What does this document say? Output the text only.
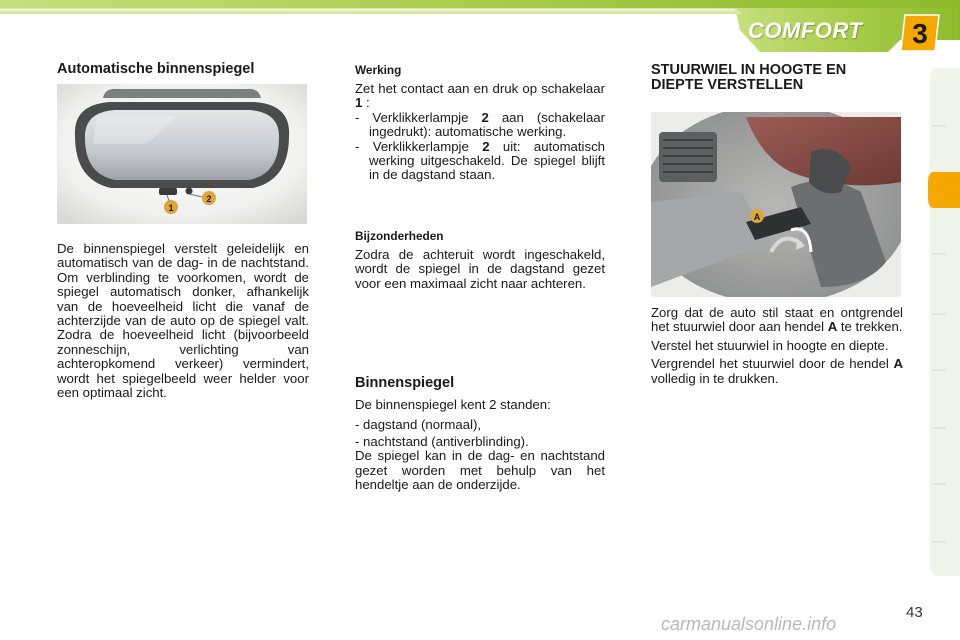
COMFORT	3
Automatische binnenspiegel
1
2
De binnenspiegel verstelt geleidelijk en automatisch van de dag- in de nachtstand. Om verblinding te voorkomen, wordt de spiegel automatisch donker, afhankelijk van de hoeveelheid licht die vanaf de achterzijde van de auto op de spiegel valt. Zodra de hoeveelheid licht (bijvoorbeeld zonneschijn, verlichting van achteropkomend verkeer) vermindert, wordt het spiegelbeeld weer helder voor een optimaal zicht.
Werking

Zet het contact aan en druk op schakelaar 1 :

- Verklikkerlampje 2 aan (schakelaar ingedrukt): automatische werking.
- Verklikkerlampje 2 uit: automatisch werking uitgeschakeld. De spiegel blijft in de dagstand staan.
Bijzonderheden
Zodra de achteruit wordt ingeschakeld, wordt de spiegel in de dagstand gezet voor een maximaal zicht naar achteren.
Binnenspiegel

De binnenspiegel kent 2 standen:

- dagstand (normaal),
- nachtstand (antiverblinding).

De spiegel kan in de dag- en nachtstand gezet worden met behulp van het hendeltje aan de onderzijde.

STUURWIEL IN HOOGTE EN
DIEPTE VERSTELLEN
A

Zorg dat de auto stil staat en ontgrendel het stuurwiel door aan hendel A te trekken.

Verstel het stuurwiel in hoogte en diepte.

Vergrendel het stuurwiel door de hendel A volledig in te drukken.

carmanualsonline.info
43
